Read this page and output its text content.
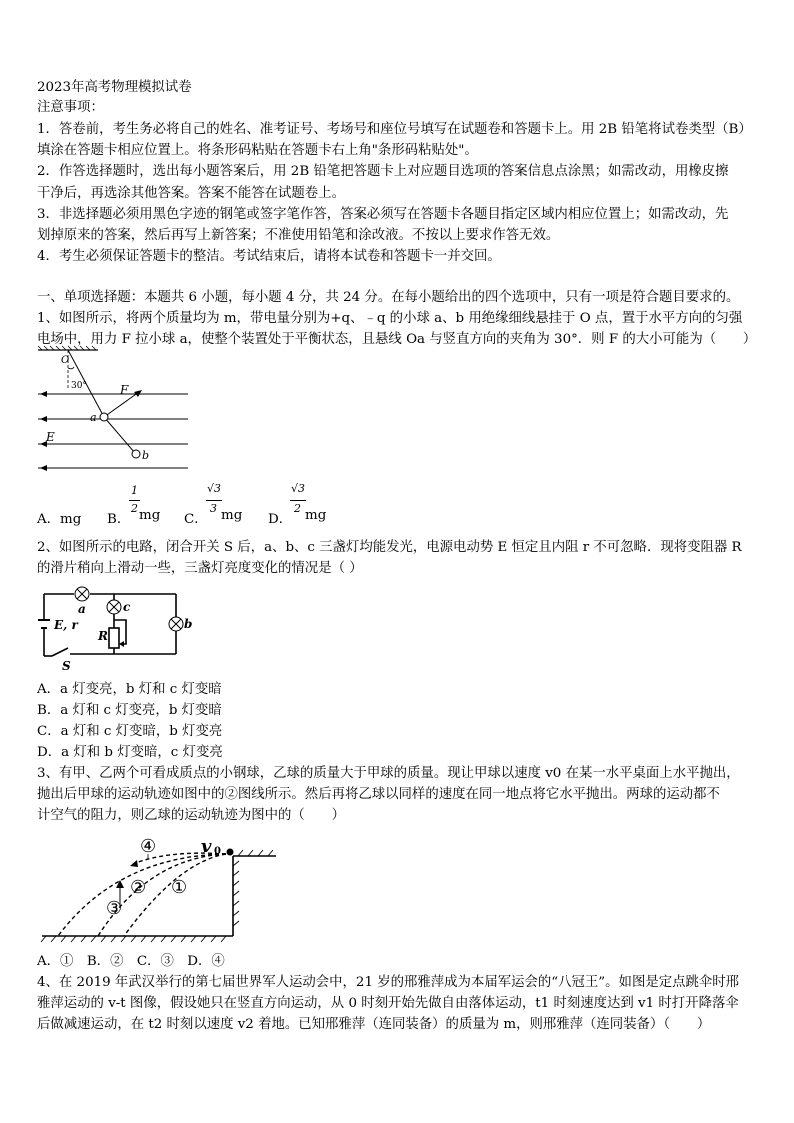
2023年高考物理模拟试卷
注意事项：
1．答卷前，考生务必将自己的姓名、准考证号、考场号和座位号填写在试题卷和答题卡上。用 2B 铅笔将试卷类型（B）
填涂在答题卡相应位置上。将条形码粘贴在答题卡右上角"条形码粘贴处"。
2．作答选择题时，选出每小题答案后，用 2B 铅笔把答题卡上对应题目选项的答案信息点涂黑；如需改动，用橡皮擦
干净后，再选涂其他答案。答案不能答在试题卷上。
3．非选择题必须用黑色字迹的钢笔或签字笔作答，答案必须写在答题卡各题目指定区域内相应位置上；如需改动，先
划掉原来的答案，然后再写上新答案；不准使用铅笔和涂改液。不按以上要求作答无效。
4．考生必须保证答题卡的整洁。考试结束后，请将本试卷和答题卡一并交回。
一、单项选择题：本题共 6 小题，每小题 4 分，共 24 分。在每小题给出的四个选项中，只有一项是符合题目要求的。
1、如图所示，将两个质量均为 m，带电量分别为+q、﹣q 的小球 a、b 用绝缘细线悬挂于 O 点，置于水平方向的匀强
电场中，用力 F 拉小球 a，使整个装置处于平衡状态，且悬线 Oa 与竖直方向的夹角为 30°．则 F 的大小可能为（　　）
O
30°	F
a
b
E
A．mg B．
1
2 mg C．
√3
3 mg D．
√3
2 mg
2、如图所示的电路，闭合开关 S 后，a、b、c 三盏灯均能发光，电源电动势 E 恒定且内阻 r 不可忽略．现将变阻器 R
的滑片稍向上滑动一些，三盏灯亮度变化的情况是（ ）
a	c
b
E, r
R
S
A．a 灯变亮，b 灯和 c 灯变暗
B．a 灯和 c 灯变亮，b 灯变暗
C．a 灯和 c 灯变暗，b 灯变亮
D．a 灯和 b 灯变暗，c 灯变亮
3、有甲、乙两个可看成质点的小钢球，乙球的质量大于甲球的质量。现让甲球以速度 v0 在某一水平桌面上水平抛出，
抛出后甲球的运动轨迹如图中的②图线所示。然后再将乙球以同样的速度在同一地点将它水平抛出。两球的运动都不
计空气的阻力，则乙球的运动轨迹为图中的（　　）
v 0
①
②
③
④
A．①　B．②　C．③　D．④
4、在 2019 年武汉举行的第七届世界军人运动会中，21 岁的邢雅萍成为本届军运会的“八冠王”。如图是定点跳伞时邢
雅萍运动的 v-t 图像，假设她只在竖直方向运动，从 0 时刻开始先做自由落体运动，t1 时刻速度达到 v1 时打开降落伞
后做减速运动，在 t2 时刻以速度 v2 着地。已知邢雅萍（连同装备）的质量为 m，则邢雅萍（连同装备）（　　）
